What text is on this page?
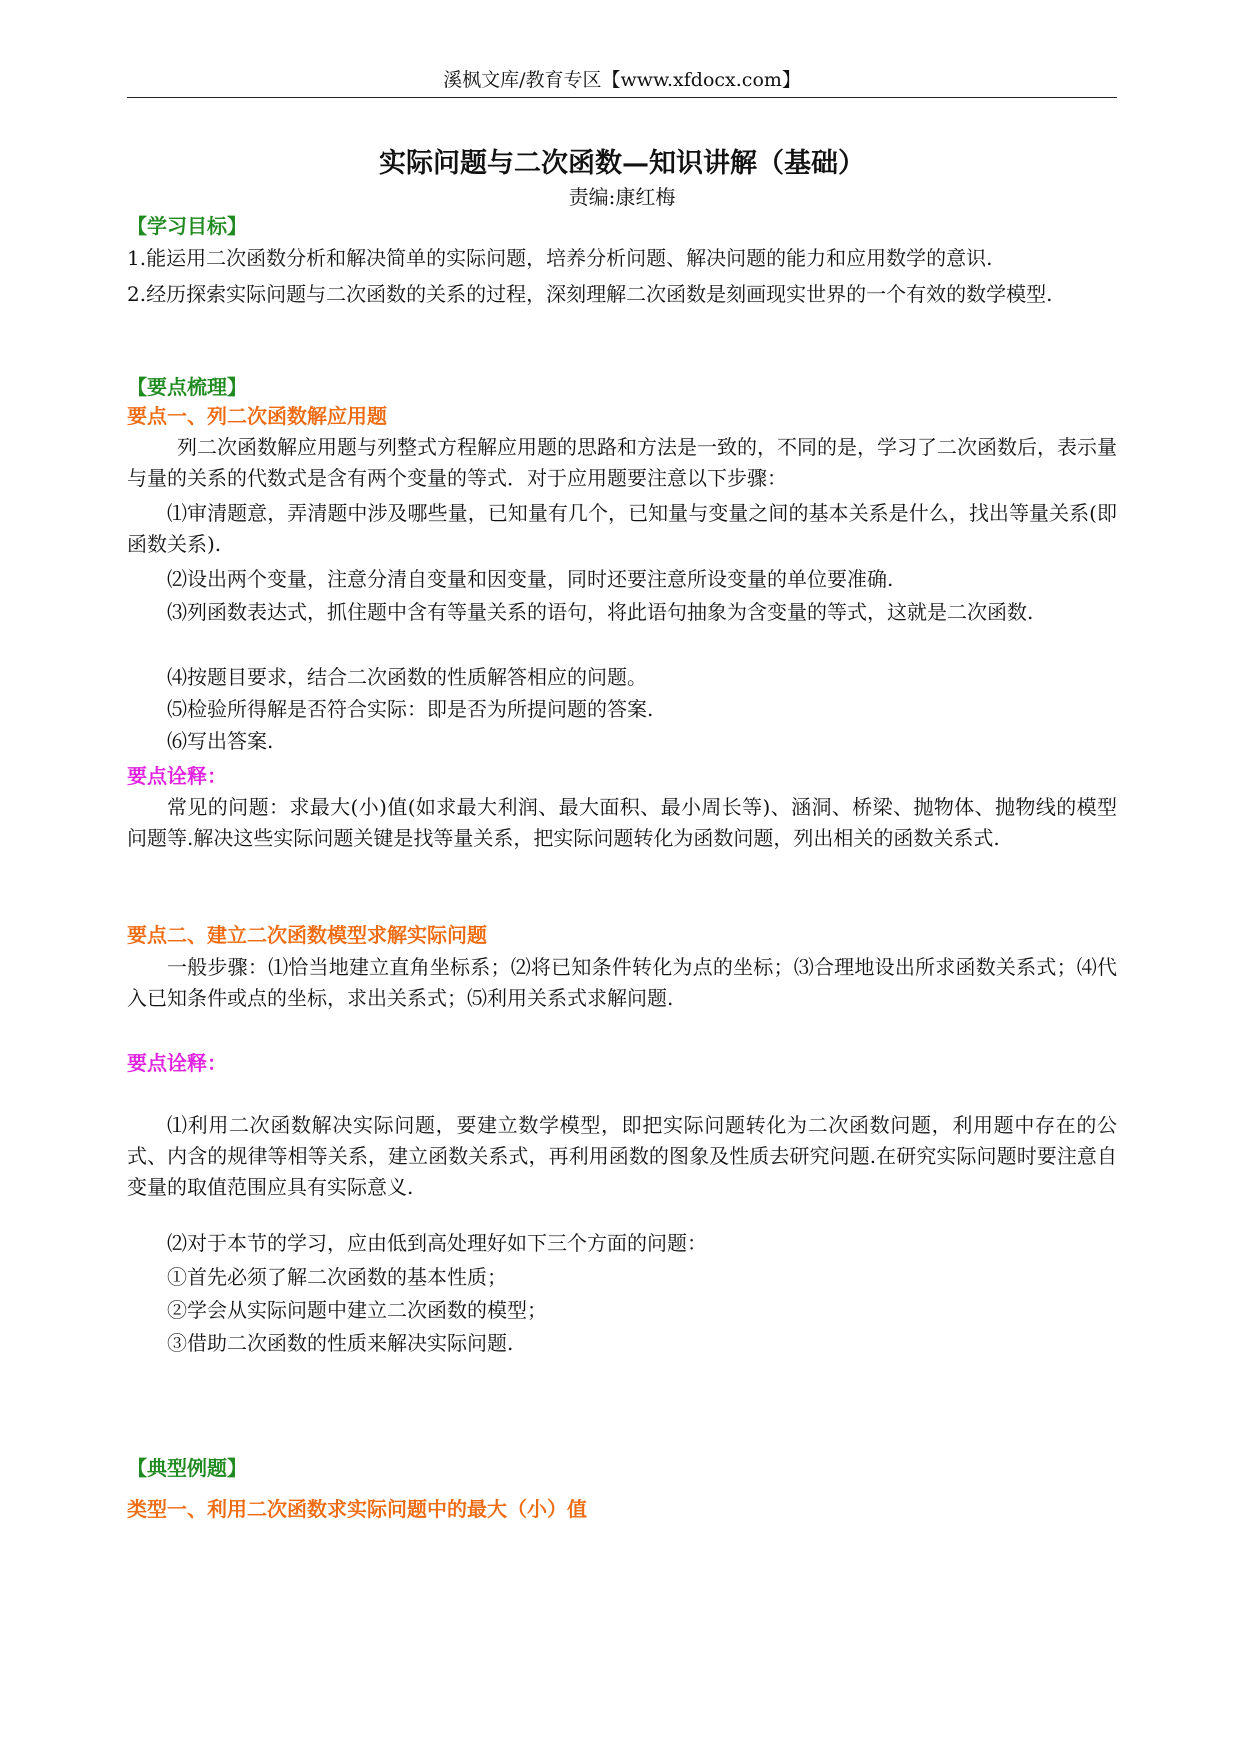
溪枫文库/教育专区【www.xfdocx.com】
实际问题与二次函数—知识讲解（基础）
责编:康红梅
【学习目标】
1.能运用二次函数分析和解决简单的实际问题，培养分析问题、解决问题的能力和应用数学的意识.
2.经历探索实际问题与二次函数的关系的过程，深刻理解二次函数是刻画现实世界的一个有效的数学模型.
【要点梳理】
要点一、列二次函数解应用题
列二次函数解应用题与列整式方程解应用题的思路和方法是一致的，不同的是，学习了二次函数后，表示量与量的关系的代数式是含有两个变量的等式．对于应用题要注意以下步骤：
⑴审清题意，弄清题中涉及哪些量，已知量有几个，已知量与变量之间的基本关系是什么，找出等量关系(即函数关系).
⑵设出两个变量，注意分清自变量和因变量，同时还要注意所设变量的单位要准确.
⑶列函数表达式，抓住题中含有等量关系的语句，将此语句抽象为含变量的等式，这就是二次函数.
⑷按题目要求，结合二次函数的性质解答相应的问题。
⑸检验所得解是否符合实际：即是否为所提问题的答案.
⑹写出答案.
要点诠释：
常见的问题：求最大(小)值(如求最大利润、最大面积、最小周长等)、涵洞、桥梁、抛物体、抛物线的模型问题等.解决这些实际问题关键是找等量关系，把实际问题转化为函数问题，列出相关的函数关系式.
要点二、建立二次函数模型求解实际问题
一般步骤：⑴恰当地建立直角坐标系；⑵将已知条件转化为点的坐标；⑶合理地设出所求函数关系式；⑷代入已知条件或点的坐标，求出关系式；⑸利用关系式求解问题.
要点诠释：
⑴利用二次函数解决实际问题，要建立数学模型，即把实际问题转化为二次函数问题，利用题中存在的公式、内含的规律等相等关系，建立函数关系式，再利用函数的图象及性质去研究问题.在研究实际问题时要注意自变量的取值范围应具有实际意义.
⑵对于本节的学习，应由低到高处理好如下三个方面的问题：
①首先必须了解二次函数的基本性质；
②学会从实际问题中建立二次函数的模型；
③借助二次函数的性质来解决实际问题.
【典型例题】
类型一、利用二次函数求实际问题中的最大（小）值
